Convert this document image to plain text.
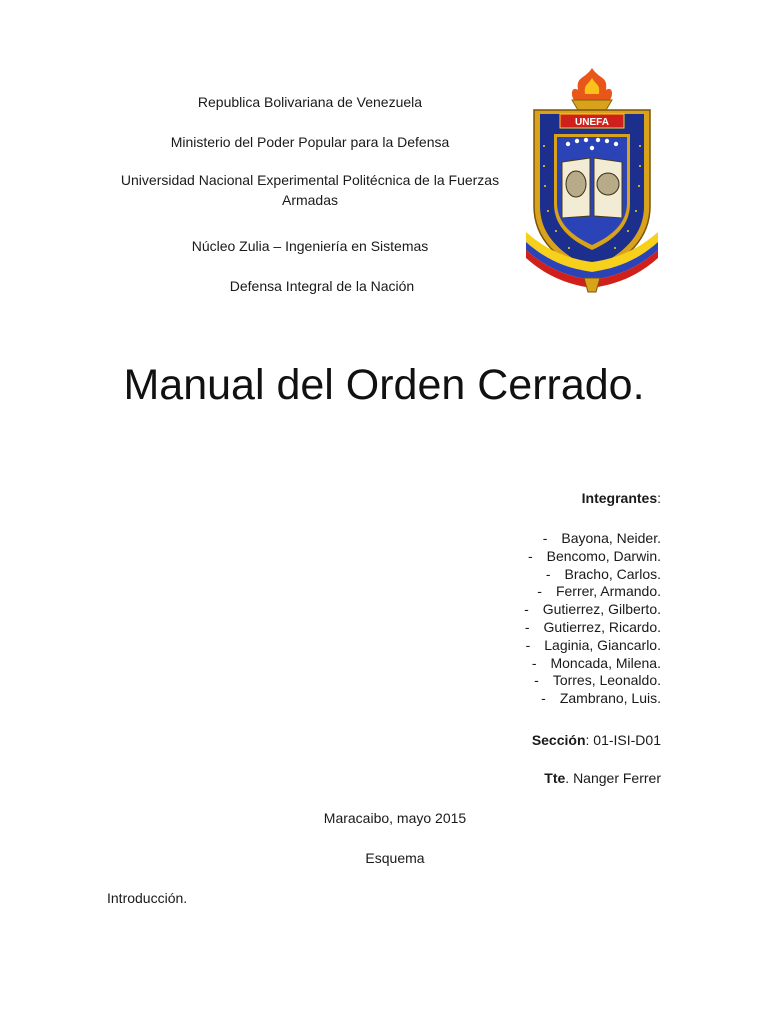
Republica Bolivariana de Venezuela

Ministerio del Poder Popular para la Defensa

Universidad Nacional Experimental Politécnica de la Fuerzas Armadas

Núcleo Zulia – Ingeniería en Sistemas

Defensa Integral de la Nación

UNEFA
Manual del Orden Cerrado.
Integrantes:
- Bayona, Neider.
- Bencomo, Darwin.
- Bracho, Carlos.
- Ferrer, Armando.
- Gutierrez, Gilberto.
- Gutierrez, Ricardo.
- Laginia, Giancarlo.
- Moncada, Milena.
- Torres, Leonaldo.
- Zambrano, Luis.
Sección: 01-ISI-D01
Tte. Nanger Ferrer
Maracaibo, mayo 2015
Esquema
Introducción.
